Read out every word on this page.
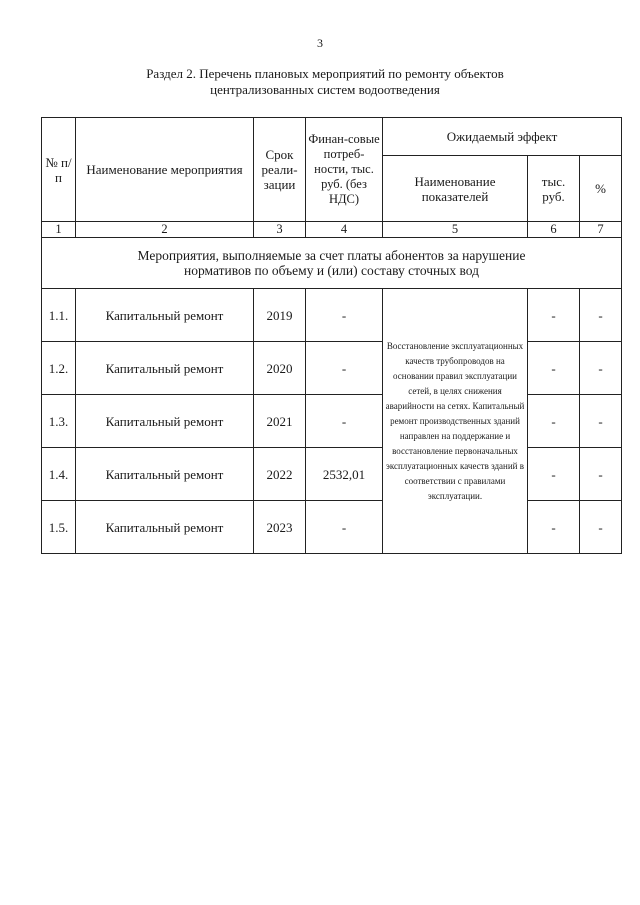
3
Раздел 2. Перечень плановых мероприятий по ремонту объектов
централизованных систем водоотведения
№ п/п	Наименование мероприятия	Срок реали-зации	Финан-совые потреб-ности, тыс. руб. (без НДС)	Ожидаемый эффект		
				Наименование показателей	тыс. руб.	%
1	2	3	4	5	6	7

Мероприятия, выполняемые за счет платы абонентов за нарушение
нормативов по объему и (или) составу сточных вод						

1.1.	Капитальный ремонт	2019	-	Восстановление эксплуатационных качеств трубопроводов на основании правил эксплуатации сетей, в целях снижения аварийности на сетях. Капитальный ремонт производственных зданий направлен на поддержание и восстановление первоначальных эксплуатационных качеств зданий в соответствии с правилами эксплуатации.	-	-
1.2.	Капитальный ремонт	2020	-		-	-
1.3.	Капитальный ремонт	2021	-		-	-
1.4.	Капитальный ремонт	2022	2532,01		-	-
1.5.	Капитальный ремонт	2023	-		-	-
